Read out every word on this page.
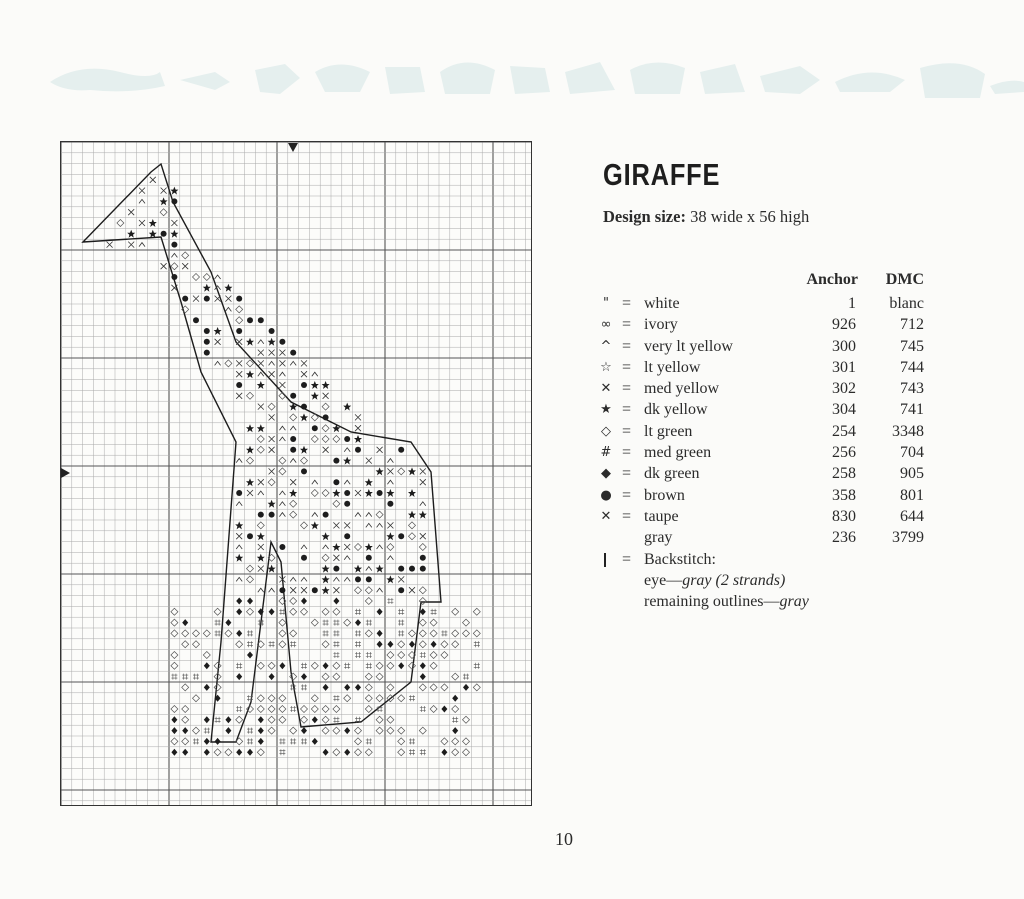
GIRAFFE
Design size: 38 wide x 56 high
Anchor DMC
" = white	1 blanc
∞ = ivory	926	712
^ = very lt yellow	300	745
☆ = lt yellow	301	744
✕ = med yellow	302	743
★ = dk yellow	304	741
◇ = lt green	254 3348
# = med green	256	704
◆ = dk green	258	905
● = brown	358	801
✕ = taupe	830	644
gray	236 3799
= Backstitch:
eye—gray (2 strands)
remaining outlines—gray
10
